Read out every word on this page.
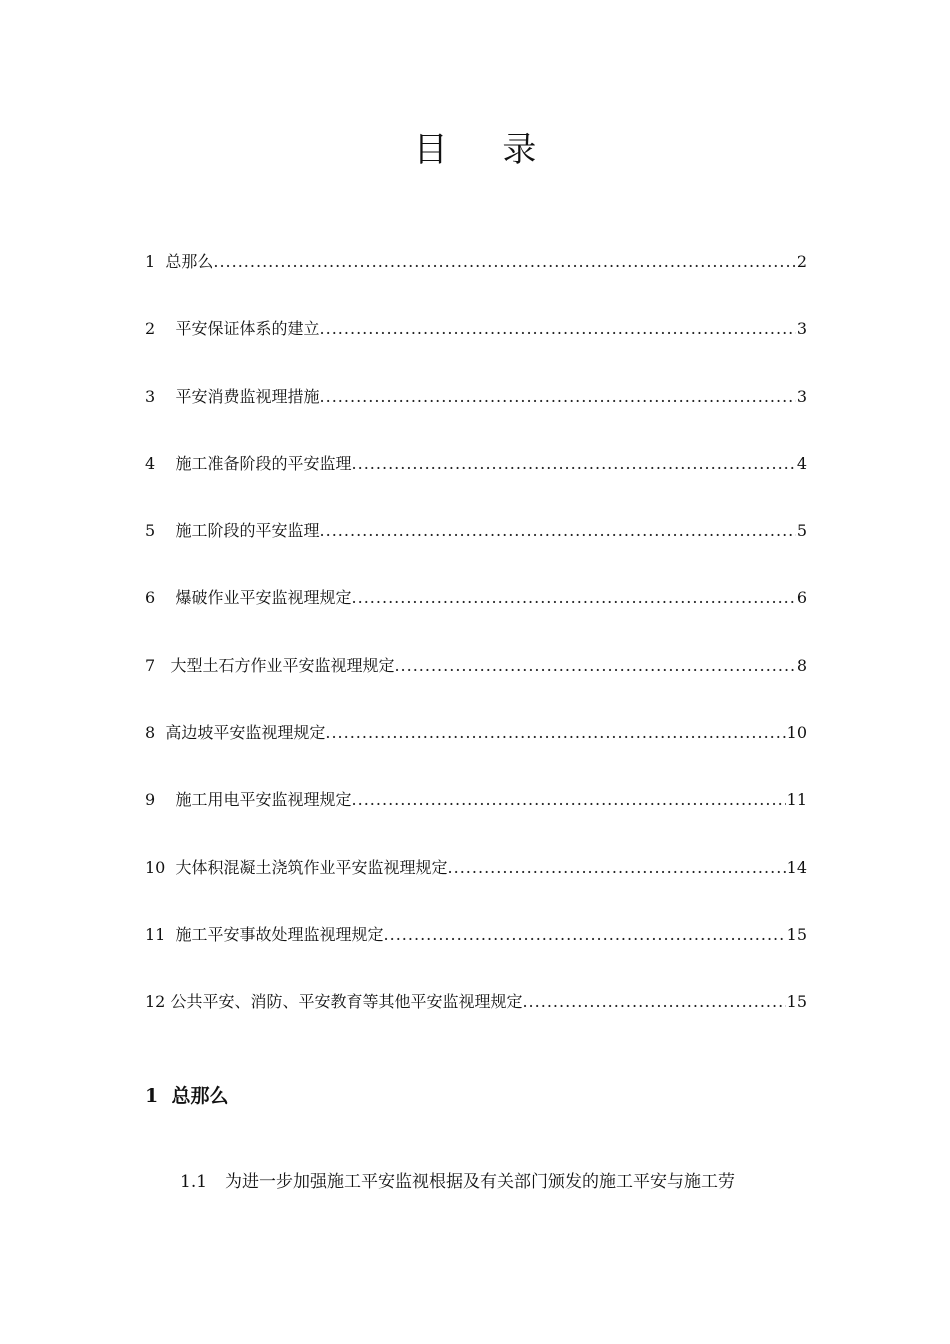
目 录
1 总那么 .....	2
2 平安保证体系的建立 .....	3
3 平安消费监视理措施 .....	3
4 施工准备阶段的平安监理 .....	4
5 施工阶段的平安监理 .....	5
6 爆破作业平安监视理规定 .....	6
7 大型土石方作业平安监视理规定 .....	8
8 高边坡平安监视理规定 .....	10
9 施工用电平安监视理规定 .....	11
10 大体积混凝土浇筑作业平安监视理规定 .....	14
11 施工平安事故处理监视理规定 .....	15
12 公共平安、消防、平安教育等其他平安监视理规定 .....	15
1  总那么

1.1 为进一步加强施工平安监视根据及有关部门颁发的施工平安与施工劳
